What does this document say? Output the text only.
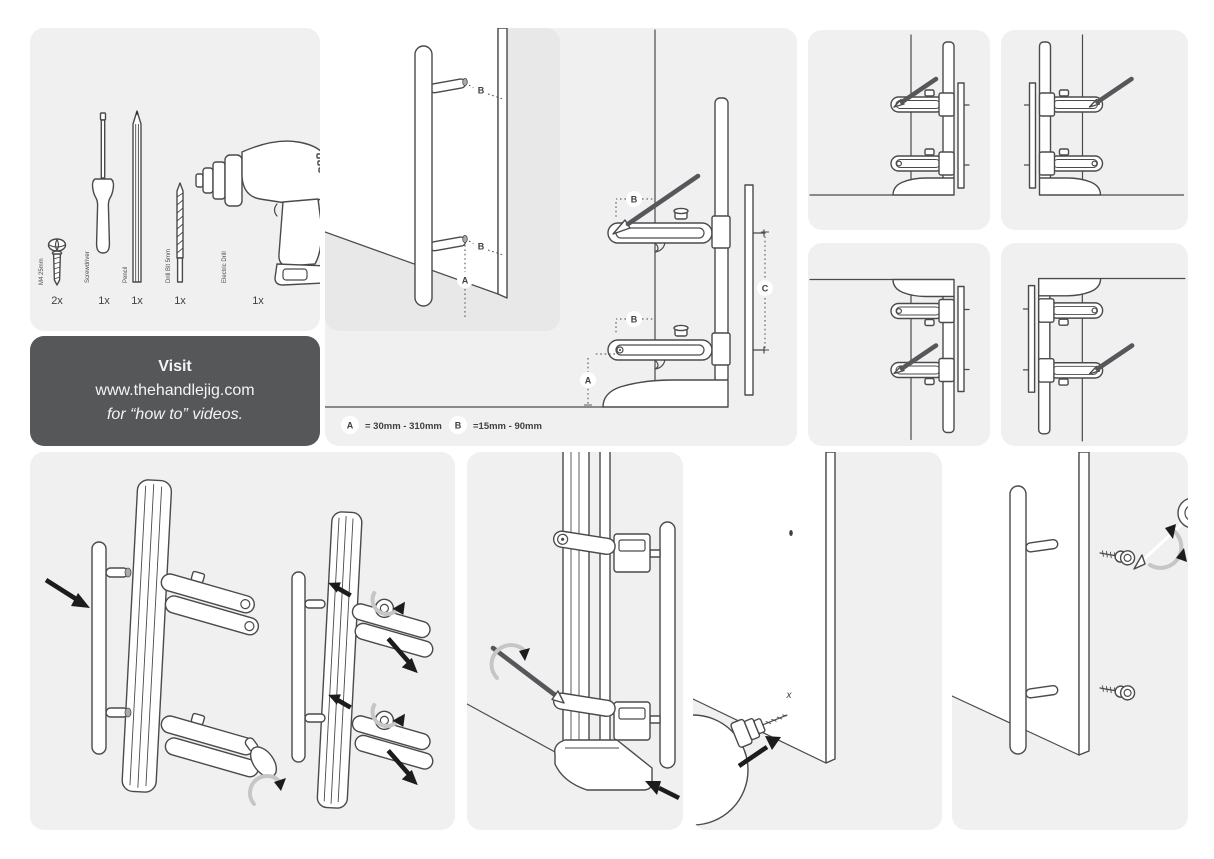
M4 25mm
2x
Screwdriver
1x
Pencil
1x
Drill Bit 5mm
1x
Electric Drill
1x
Visit
www.thehandlejig.com
for “how to” videos.
B
B
A
B
B
A
C
A = 30mm - 310mm B =15mm - 90mm
x
